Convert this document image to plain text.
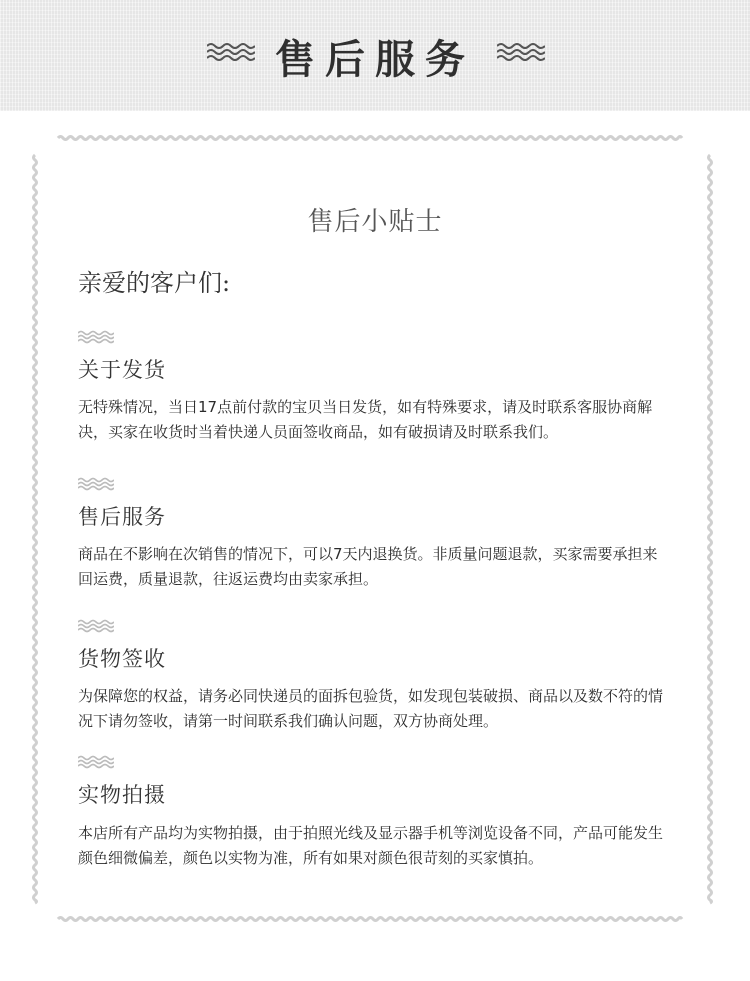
售后服务
售后小贴士
亲爱的客户们:
关于发货
无特殊情况，当日17点前付款的宝贝当日发货，如有特殊要求，请及时联系客服协商解决，买家在收货时当着快递人员面签收商品，如有破损请及时联系我们。
售后服务
商品在不影响在次销售的情况下，可以7天内退换货。非质量问题退款，买家需要承担来回运费，质量退款，往返运费均由卖家承担。
货物签收
为保障您的权益，请务必同快递员的面拆包验货，如发现包装破损、商品以及数不符的情况下请勿签收，请第一时间联系我们确认问题，双方协商处理。
实物拍摄
本店所有产品均为实物拍摄，由于拍照光线及显示器手机等浏览设备不同，产品可能发生颜色细微偏差，颜色以实物为准，所有如果对颜色很苛刻的买家慎拍。
